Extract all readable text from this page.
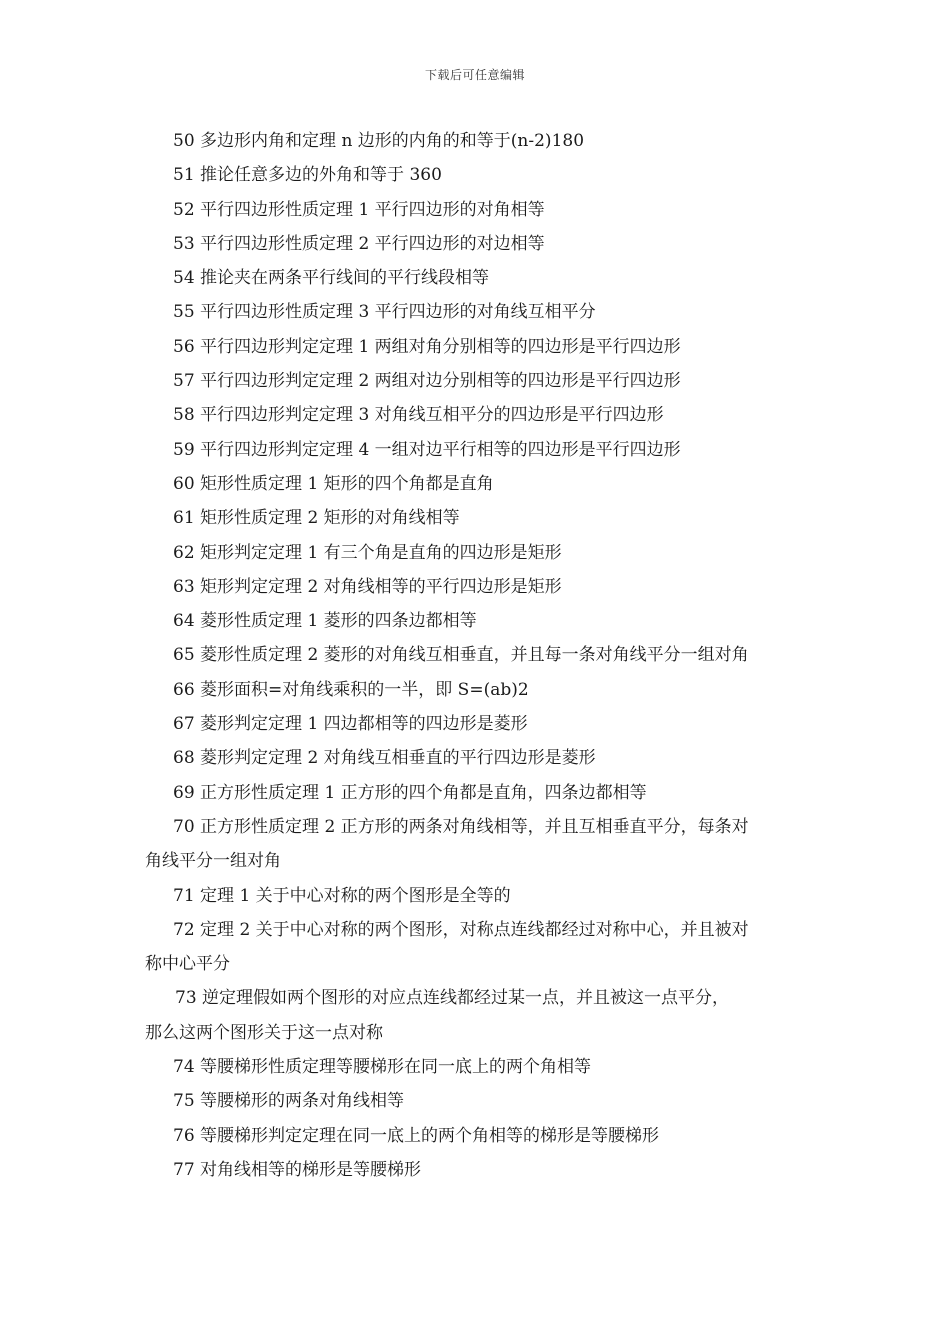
下载后可任意编辑
50 多边形内角和定理 n 边形的内角的和等于(n-2)180
51 推论任意多边的外角和等于 360
52 平行四边形性质定理 1 平行四边形的对角相等
53 平行四边形性质定理 2 平行四边形的对边相等
54 推论夹在两条平行线间的平行线段相等
55 平行四边形性质定理 3 平行四边形的对角线互相平分
56 平行四边形判定定理 1 两组对角分别相等的四边形是平行四边形
57 平行四边形判定定理 2 两组对边分别相等的四边形是平行四边形
58 平行四边形判定定理 3 对角线互相平分的四边形是平行四边形
59 平行四边形判定定理 4 一组对边平行相等的四边形是平行四边形
60 矩形性质定理 1 矩形的四个角都是直角
61 矩形性质定理 2 矩形的对角线相等
62 矩形判定定理 1 有三个角是直角的四边形是矩形
63 矩形判定定理 2 对角线相等的平行四边形是矩形
64 菱形性质定理 1 菱形的四条边都相等
65 菱形性质定理 2 菱形的对角线互相垂直，并且每一条对角线平分一组对角
66 菱形面积=对角线乘积的一半，即 S=(ab)2
67 菱形判定定理 1 四边都相等的四边形是菱形
68 菱形判定定理 2 对角线互相垂直的平行四边形是菱形
69 正方形性质定理 1 正方形的四个角都是直角，四条边都相等
70 正方形性质定理 2 正方形的两条对角线相等，并且互相垂直平分，每条对
角线平分一组对角
71 定理 1 关于中心对称的两个图形是全等的
72 定理 2 关于中心对称的两个图形，对称点连线都经过对称中心，并且被对
称中心平分
73 逆定理假如两个图形的对应点连线都经过某一点，并且被这一点平分，
那么这两个图形关于这一点对称
74 等腰梯形性质定理等腰梯形在同一底上的两个角相等
75 等腰梯形的两条对角线相等
76 等腰梯形判定定理在同一底上的两个角相等的梯形是等腰梯形
77 对角线相等的梯形是等腰梯形
